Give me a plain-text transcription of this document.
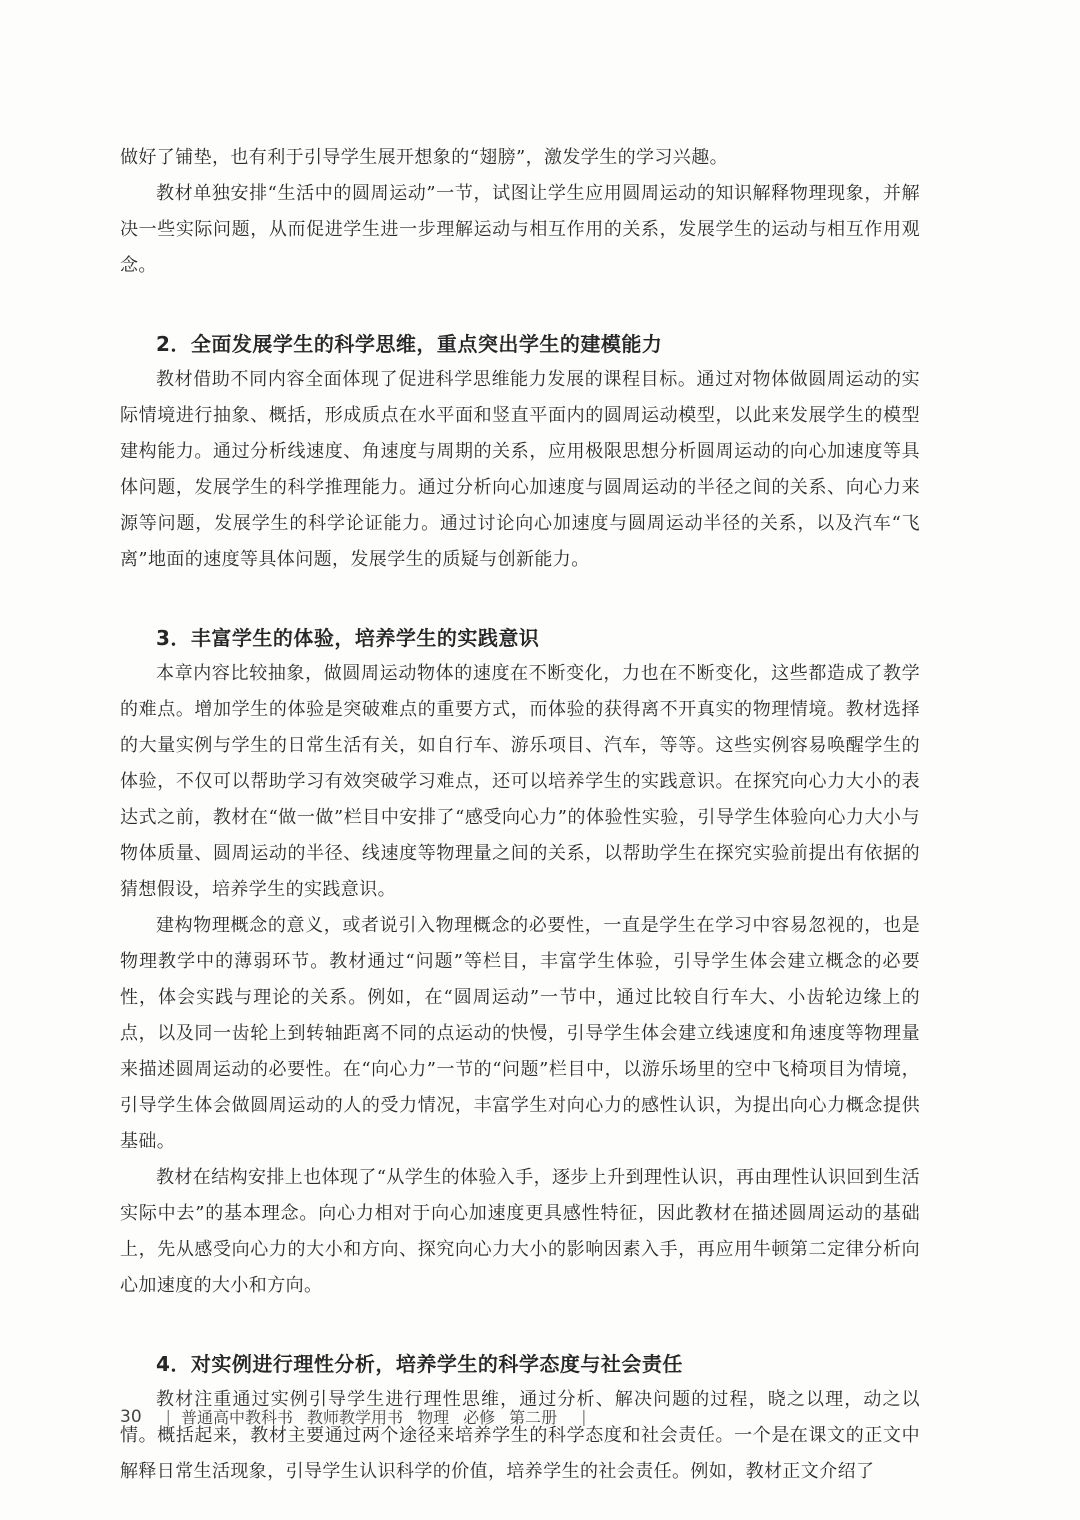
做好了铺垫，也有利于引导学生展开想象的“翅膀”，激发学生的学习兴趣。

教材单独安排“生活中的圆周运动”一节，试图让学生应用圆周运动的知识解释物理现象，并解决一些实际问题，从而促进学生进一步理解运动与相互作用的关系，发展学生的运动与相互作用观念。

2．全面发展学生的科学思维，重点突出学生的建模能力

教材借助不同内容全面体现了促进科学思维能力发展的课程目标。通过对物体做圆周运动的实际情境进行抽象、概括，形成质点在水平面和竖直平面内的圆周运动模型，以此来发展学生的模型建构能力。通过分析线速度、角速度与周期的关系，应用极限思想分析圆周运动的向心加速度等具体问题，发展学生的科学推理能力。通过分析向心加速度与圆周运动的半径之间的关系、向心力来源等问题，发展学生的科学论证能力。通过讨论向心加速度与圆周运动半径的关系，以及汽车“飞离”地面的速度等具体问题，发展学生的质疑与创新能力。

3．丰富学生的体验，培养学生的实践意识

本章内容比较抽象，做圆周运动物体的速度在不断变化，力也在不断变化，这些都造成了教学的难点。增加学生的体验是突破难点的重要方式，而体验的获得离不开真实的物理情境。教材选择的大量实例与学生的日常生活有关，如自行车、游乐项目、汽车，等等。这些实例容易唤醒学生的体验，不仅可以帮助学习有效突破学习难点，还可以培养学生的实践意识。在探究向心力大小的表达式之前，教材在“做一做”栏目中安排了“感受向心力”的体验性实验，引导学生体验向心力大小与物体质量、圆周运动的半径、线速度等物理量之间的关系，以帮助学生在探究实验前提出有依据的猜想假设，培养学生的实践意识。

建构物理概念的意义，或者说引入物理概念的必要性，一直是学生在学习中容易忽视的，也是物理教学中的薄弱环节。教材通过“问题”等栏目，丰富学生体验，引导学生体会建立概念的必要性，体会实践与理论的关系。例如，在“圆周运动”一节中，通过比较自行车大、小齿轮边缘上的点，以及同一齿轮上到转轴距离不同的点运动的快慢，引导学生体会建立线速度和角速度等物理量来描述圆周运动的必要性。在“向心力”一节的“问题”栏目中，以游乐场里的空中飞椅项目为情境，引导学生体会做圆周运动的人的受力情况，丰富学生对向心力的感性认识，为提出向心力概念提供基础。

教材在结构安排上也体现了“从学生的体验入手，逐步上升到理性认识，再由理性认识回到生活实际中去”的基本理念。向心力相对于向心加速度更具感性特征，因此教材在描述圆周运动的基础上，先从感受向心力的大小和方向、探究向心力大小的影响因素入手，再应用牛顿第二定律分析向心加速度的大小和方向。

4．对实例进行理性分析，培养学生的科学态度与社会责任

教材注重通过实例引导学生进行理性思维，通过分析、解决问题的过程，晓之以理，动之以情。概括起来，教材主要通过两个途径来培养学生的科学态度和社会责任。一个是在课文的正文中解释日常生活现象，引导学生认识科学的价值，培养学生的社会责任。例如，教材正文介绍了

30 | 普通高中教科书 教师教学用书 物理 必修 第二册 |
